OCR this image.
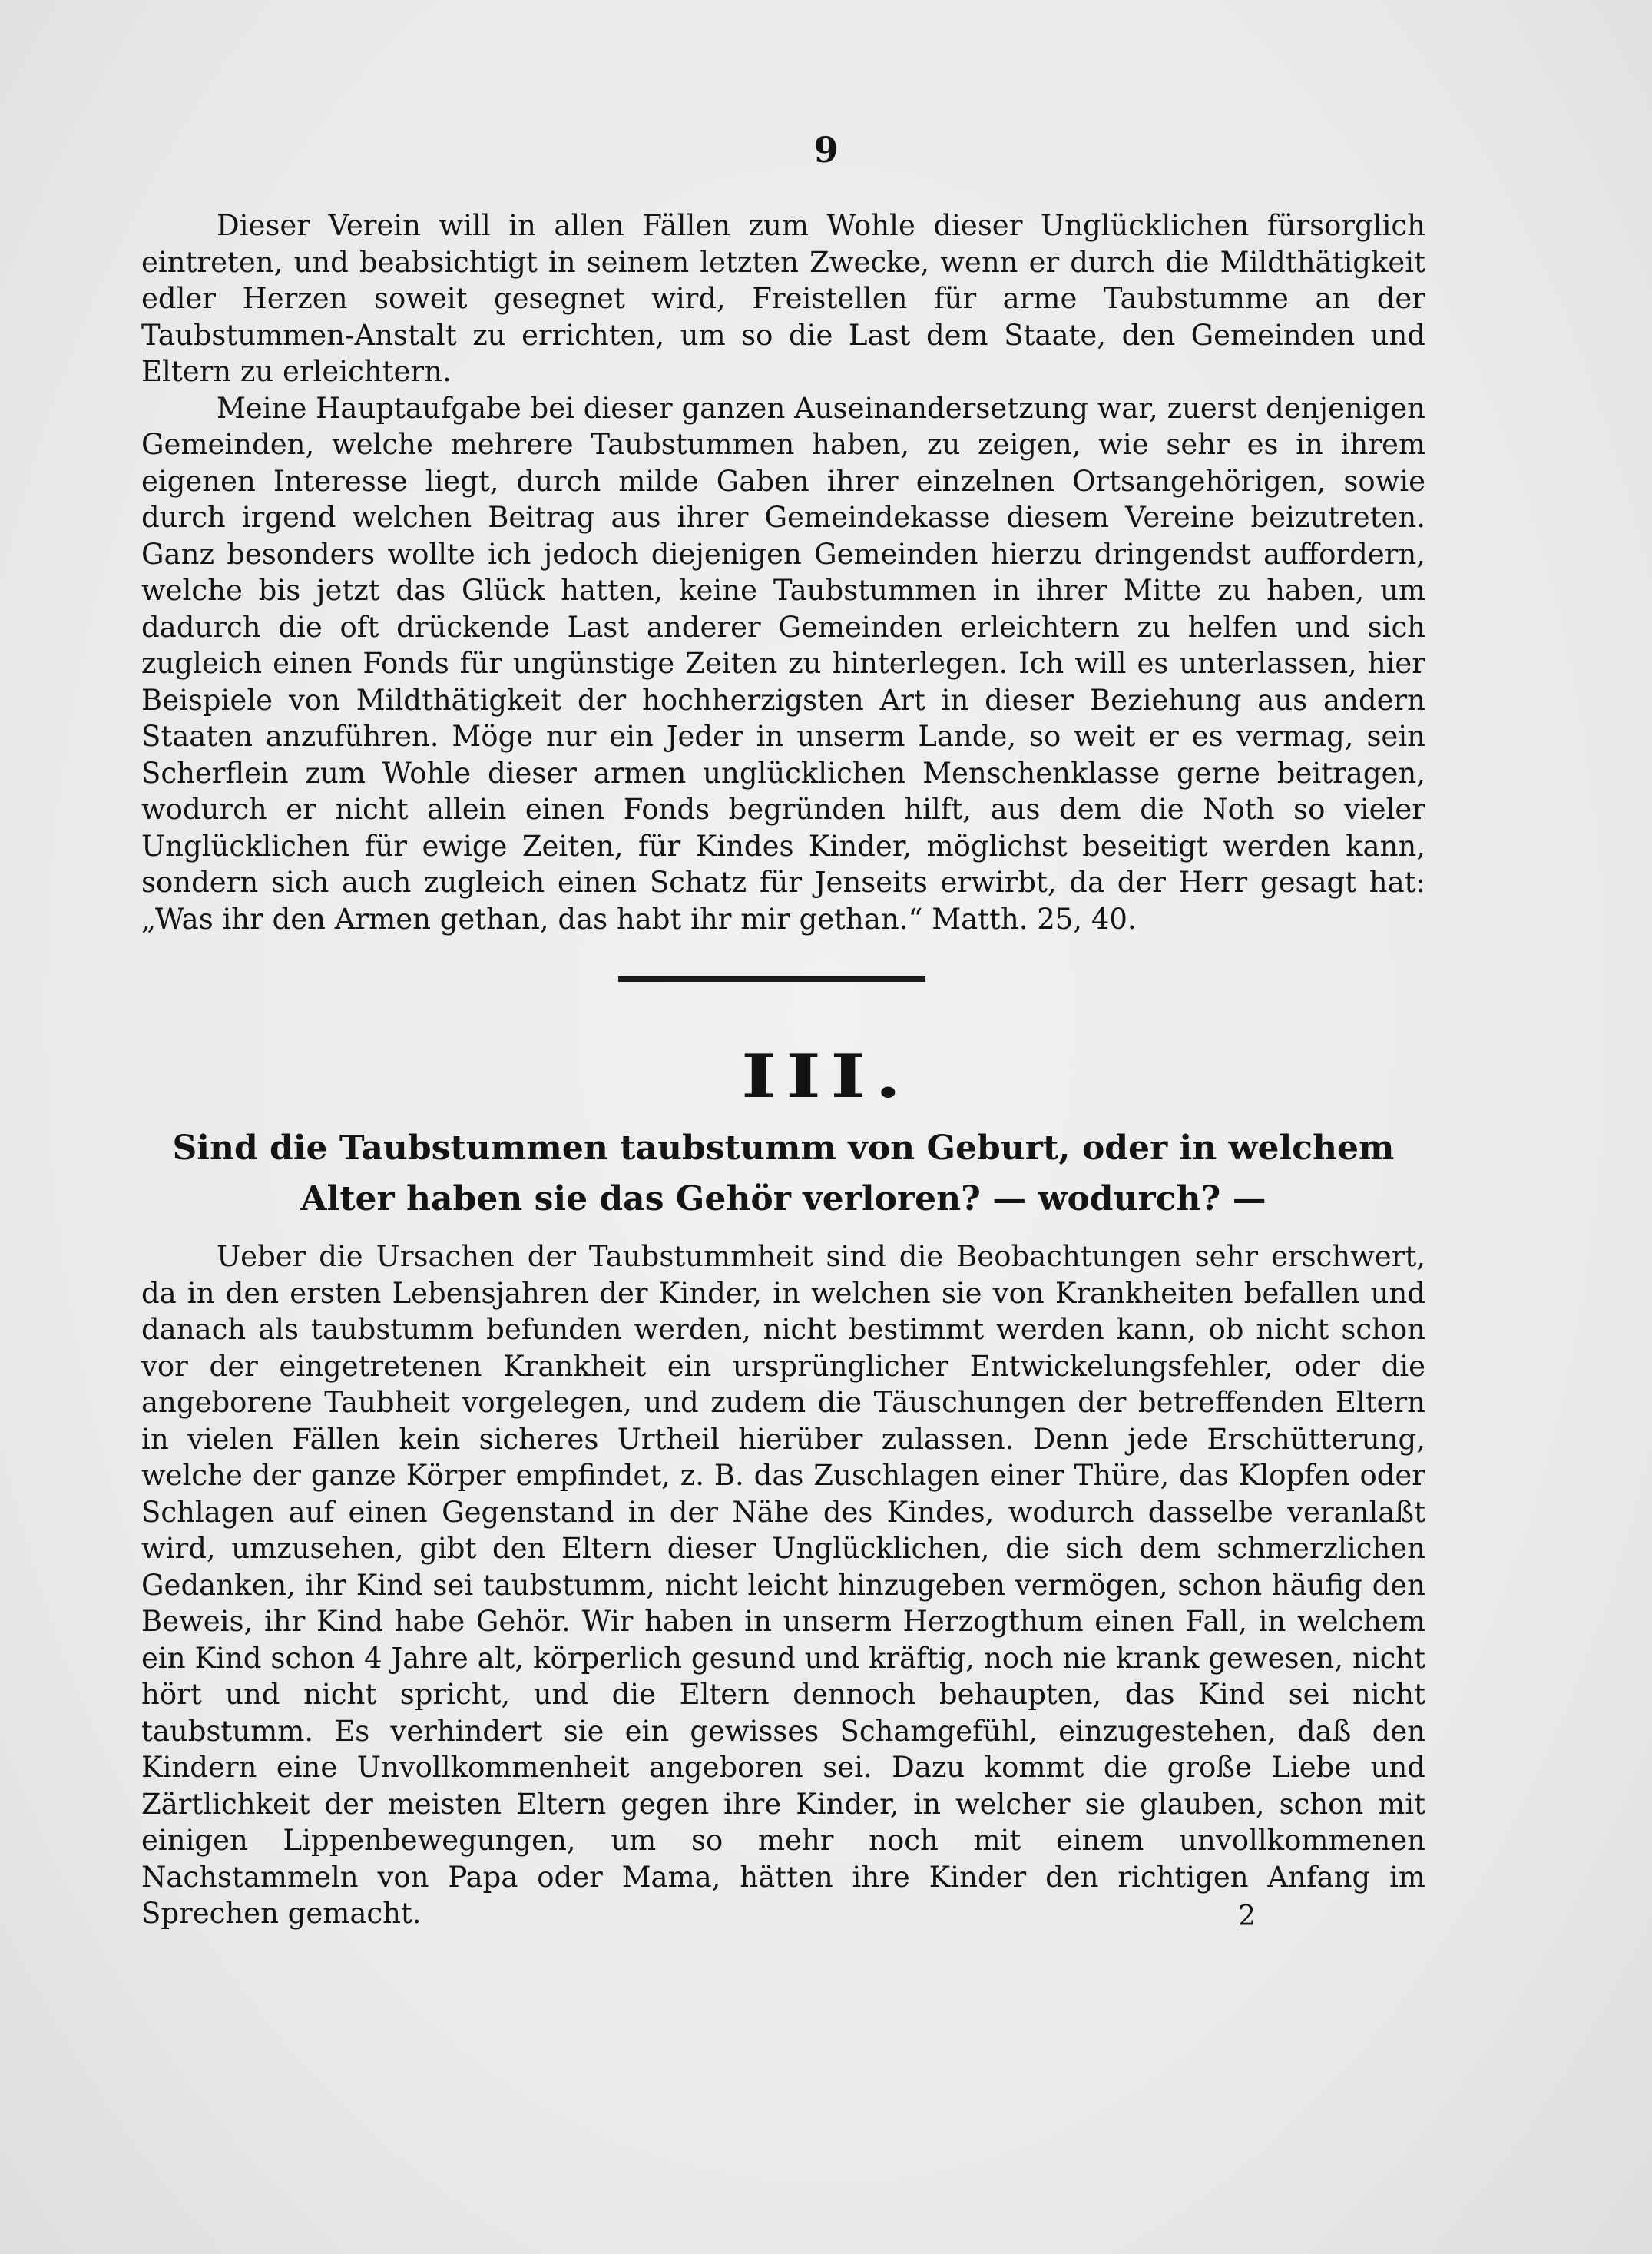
9

Dieser Verein will in allen Fällen zum Wohle dieser Unglücklichen fürsorglich eintreten, und beabsichtigt in seinem letzten Zwecke, wenn er durch die Mildthätigkeit edler Herzen soweit gesegnet wird, Freistellen für arme Taubstumme an der Taubstummen-Anstalt zu errichten, um so die Last dem Staate, den Gemeinden und Eltern zu erleichtern.

Meine Hauptaufgabe bei dieser ganzen Auseinandersetzung war, zuerst denjenigen Gemeinden, welche mehrere Taubstummen haben, zu zeigen, wie sehr es in ihrem eigenen Interesse liegt, durch milde Gaben ihrer einzelnen Ortsangehörigen, sowie durch irgend welchen Beitrag aus ihrer Gemeindekasse diesem Vereine beizutreten. Ganz besonders wollte ich jedoch diejenigen Gemeinden hierzu dringendst auffordern, welche bis jetzt das Glück hatten, keine Taubstummen in ihrer Mitte zu haben, um dadurch die oft drückende Last anderer Gemeinden erleichtern zu helfen und sich zugleich einen Fonds für ungünstige Zeiten zu hinterlegen. Ich will es unterlassen, hier Beispiele von Mildthätigkeit der hochherzigsten Art in dieser Beziehung aus andern Staaten anzuführen. Möge nur ein Jeder in unserm Lande, so weit er es vermag, sein Scherflein zum Wohle dieser armen unglücklichen Menschenklasse gerne beitragen, wodurch er nicht allein einen Fonds begründen hilft, aus dem die Noth so vieler Unglücklichen für ewige Zeiten, für Kindes Kinder, möglichst beseitigt werden kann, sondern sich auch zugleich einen Schatz für Jenseits erwirbt, da der Herr gesagt hat: „Was ihr den Armen gethan, das habt ihr mir gethan.“ Matth. 25, 40.

III.
Sind die Taubstummen taubstumm von Geburt, oder in welchem Alter haben sie das Gehör verloren? — wodurch? —

Ueber die Ursachen der Taubstummheit sind die Beobachtungen sehr erschwert, da in den ersten Lebensjahren der Kinder, in welchen sie von Krankheiten befallen und danach als taubstumm befunden werden, nicht bestimmt werden kann, ob nicht schon vor der eingetretenen Krankheit ein ursprünglicher Entwickelungsfehler, oder die angeborene Taubheit vorgelegen, und zudem die Täuschungen der betreffenden Eltern in vielen Fällen kein sicheres Urtheil hierüber zulassen. Denn jede Erschütterung, welche der ganze Körper empfindet, z. B. das Zuschlagen einer Thüre, das Klopfen oder Schlagen auf einen Gegenstand in der Nähe des Kindes, wodurch dasselbe veranlaßt wird, umzusehen, gibt den Eltern dieser Unglücklichen, die sich dem schmerzlichen Gedanken, ihr Kind sei taubstumm, nicht leicht hinzugeben vermögen, schon häufig den Beweis, ihr Kind habe Gehör. Wir haben in unserm Herzogthum einen Fall, in welchem ein Kind schon 4 Jahre alt, körperlich gesund und kräftig, noch nie krank gewesen, nicht hört und nicht spricht, und die Eltern dennoch behaupten, das Kind sei nicht taubstumm. Es verhindert sie ein gewisses Schamgefühl, einzugestehen, daß den Kindern eine Unvollkommenheit angeboren sei. Dazu kommt die große Liebe und Zärtlichkeit der meisten Eltern gegen ihre Kinder, in welcher sie glauben, schon mit einigen Lippenbewegungen, um so mehr noch mit einem unvollkommenen Nachstammeln von Papa oder Mama, hätten ihre Kinder den richtigen Anfang im Sprechen gemacht.	2
